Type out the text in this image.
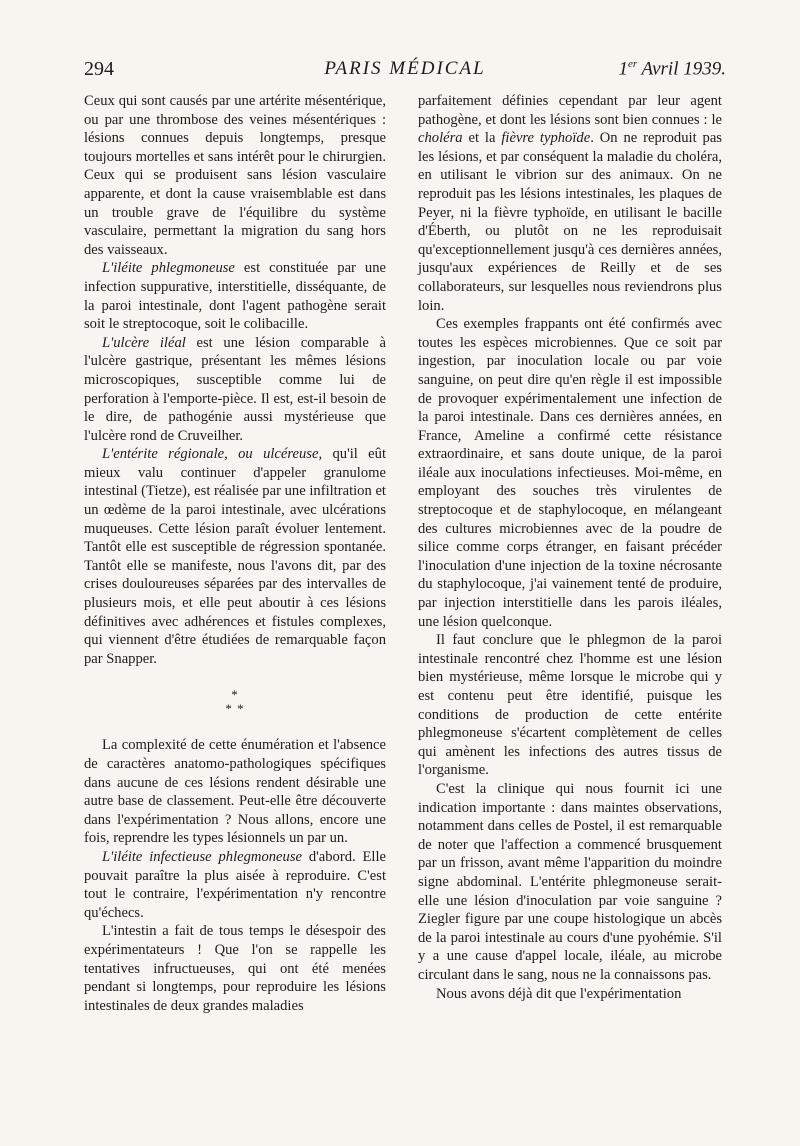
294	PARIS MÉDICAL	1er Avril 1939.

Ceux qui sont causés par une artérite mésentérique, ou par une thrombose des veines mésentériques : lésions connues depuis longtemps, presque toujours mortelles et sans intérêt pour le chirurgien. Ceux qui se produisent sans lésion vasculaire apparente, et dont la cause vraisemblable est dans un trouble grave de l'équilibre du système vasculaire, permettant la migration du sang hors des vaisseaux.

L'iléite phlegmoneuse est constituée par une infection suppurative, interstitielle, disséquante, de la paroi intestinale, dont l'agent pathogène serait soit le streptocoque, soit le colibacille.

L'ulcère iléal est une lésion comparable à l'ulcère gastrique, présentant les mêmes lésions microscopiques, susceptible comme lui de perforation à l'emporte-pièce. Il est, est-il besoin de le dire, de pathogénie aussi mystérieuse que l'ulcère rond de Cruveilher.

L'entérite régionale, ou ulcéreuse, qu'il eût mieux valu continuer d'appeler granulome intestinal (Tietze), est réalisée par une infiltration et un œdème de la paroi intestinale, avec ulcérations muqueuses. Cette lésion paraît évoluer lentement. Tantôt elle est susceptible de régression spontanée. Tantôt elle se manifeste, nous l'avons dit, par des crises douloureuses séparées par des intervalles de plusieurs mois, et elle peut aboutir à ces lésions définitives avec adhérences et fistules complexes, qui viennent d'être étudiées de remarquable façon par Snapper.

*
* *

La complexité de cette énumération et l'absence de caractères anatomo-pathologiques spécifiques dans aucune de ces lésions rendent désirable une autre base de classement. Peut-elle être découverte dans l'expérimentation ? Nous allons, encore une fois, reprendre les types lésionnels un par un.

L'iléite infectieuse phlegmoneuse d'abord. Elle pouvait paraître la plus aisée à reproduire. C'est tout le contraire, l'expérimentation n'y rencontre qu'échecs.

L'intestin a fait de tous temps le désespoir des expérimentateurs ! Que l'on se rappelle les tentatives infructueuses, qui ont été menées pendant si longtemps, pour reproduire les lésions intestinales de deux grandes maladies

parfaitement définies cependant par leur agent pathogène, et dont les lésions sont bien connues : le choléra et la fièvre typhoïde. On ne reproduit pas les lésions, et par conséquent la maladie du choléra, en utilisant le vibrion sur des animaux. On ne reproduit pas les lésions intestinales, les plaques de Peyer, ni la fièvre typhoïde, en utilisant le bacille d'Éberth, ou plutôt on ne les reproduisait qu'exceptionnellement jusqu'à ces dernières années, jusqu'aux expériences de Reilly et de ses collaborateurs, sur lesquelles nous reviendrons plus loin.

Ces exemples frappants ont été confirmés avec toutes les espèces microbiennes. Que ce soit par ingestion, par inoculation locale ou par voie sanguine, on peut dire qu'en règle il est impossible de provoquer expérimentalement une infection de la paroi intestinale. Dans ces dernières années, en France, Ameline a confirmé cette résistance extraordinaire, et sans doute unique, de la paroi iléale aux inoculations infectieuses. Moi-même, en employant des souches très virulentes de streptocoque et de staphylocoque, en mélangeant des cultures microbiennes avec de la poudre de silice comme corps étranger, en faisant précéder l'inoculation d'une injection de la toxine nécrosante du staphylocoque, j'ai vainement tenté de produire, par injection interstitielle dans les parois iléales, une lésion quelconque.

Il faut conclure que le phlegmon de la paroi intestinale rencontré chez l'homme est une lésion bien mystérieuse, même lorsque le microbe qui y est contenu peut être identifié, puisque les conditions de production de cette entérite phlegmoneuse s'écartent complètement de celles qui amènent les infections des autres tissus de l'organisme.

C'est la clinique qui nous fournit ici une indication importante : dans maintes observations, notamment dans celles de Postel, il est remarquable de noter que l'affection a commencé brusquement par un frisson, avant même l'apparition du moindre signe abdominal. L'entérite phlegmoneuse serait-elle une lésion d'inoculation par voie sanguine ? Ziegler figure par une coupe histologique un abcès de la paroi intestinale au cours d'une pyohémie. S'il y a une cause d'appel locale, iléale, au microbe circulant dans le sang, nous ne la connaissons pas.

Nous avons déjà dit que l'expérimentation
